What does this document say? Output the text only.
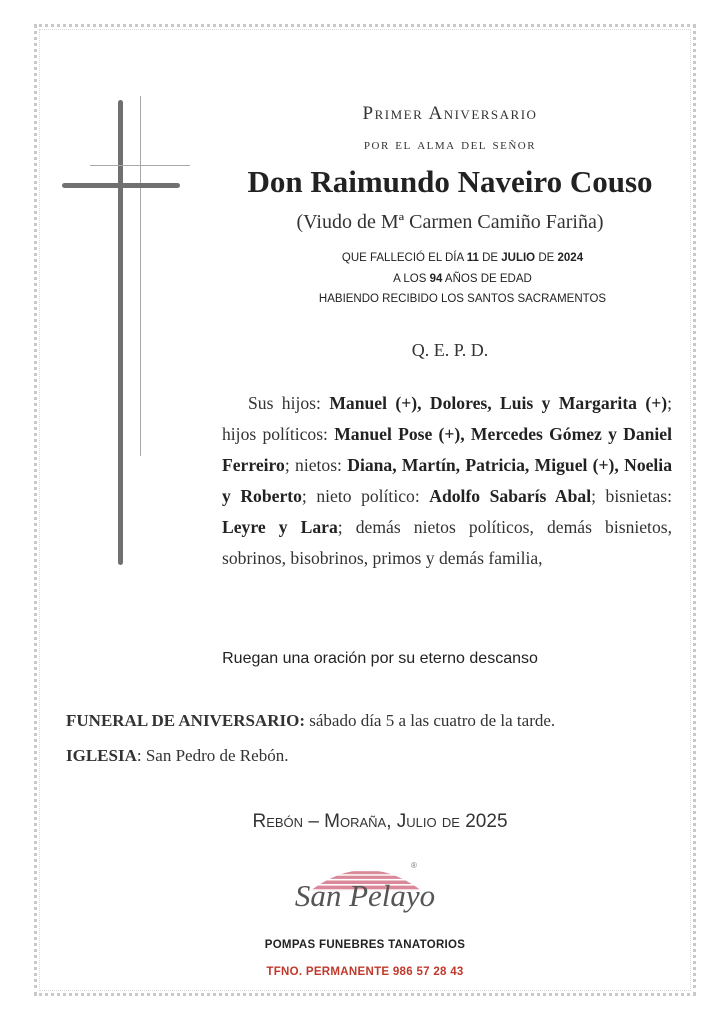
Primer Aniversario
por el alma del señor
Don Raimundo Naveiro Couso
(Viudo de Mª Carmen Camiño Fariña)
QUE FALLECIÓ EL DÍA 11 DE JULIO DE 2024
A LOS 94 AÑOS DE EDAD
HABIENDO RECIBIDO LOS SANTOS SACRAMENTOS
Q. E. P. D.
Sus hijos: Manuel (+), Dolores, Luis y Margarita (+); hijos políticos: Manuel Pose (+), Mercedes Gómez y Daniel Ferreiro; nietos: Diana, Martín, Patricia, Miguel (+), Noelia y Roberto; nieto político: Adolfo Sabarís Abal; bisnietas: Leyre y Lara; demás nietos políticos, demás bisnietos, sobrinos, bisobrinos, primos y demás familia,
Ruegan una oración por su eterno descanso
FUNERAL DE ANIVERSARIO: sábado día 5 a las cuatro de la tarde.
IGLESIA: San Pedro de Rebón.
Rebón – Moraña, Julio de 2025
®
San Pelayo
POMPAS FUNEBRES TANATORIOS
TFNO. PERMANENTE 986 57 28 43
